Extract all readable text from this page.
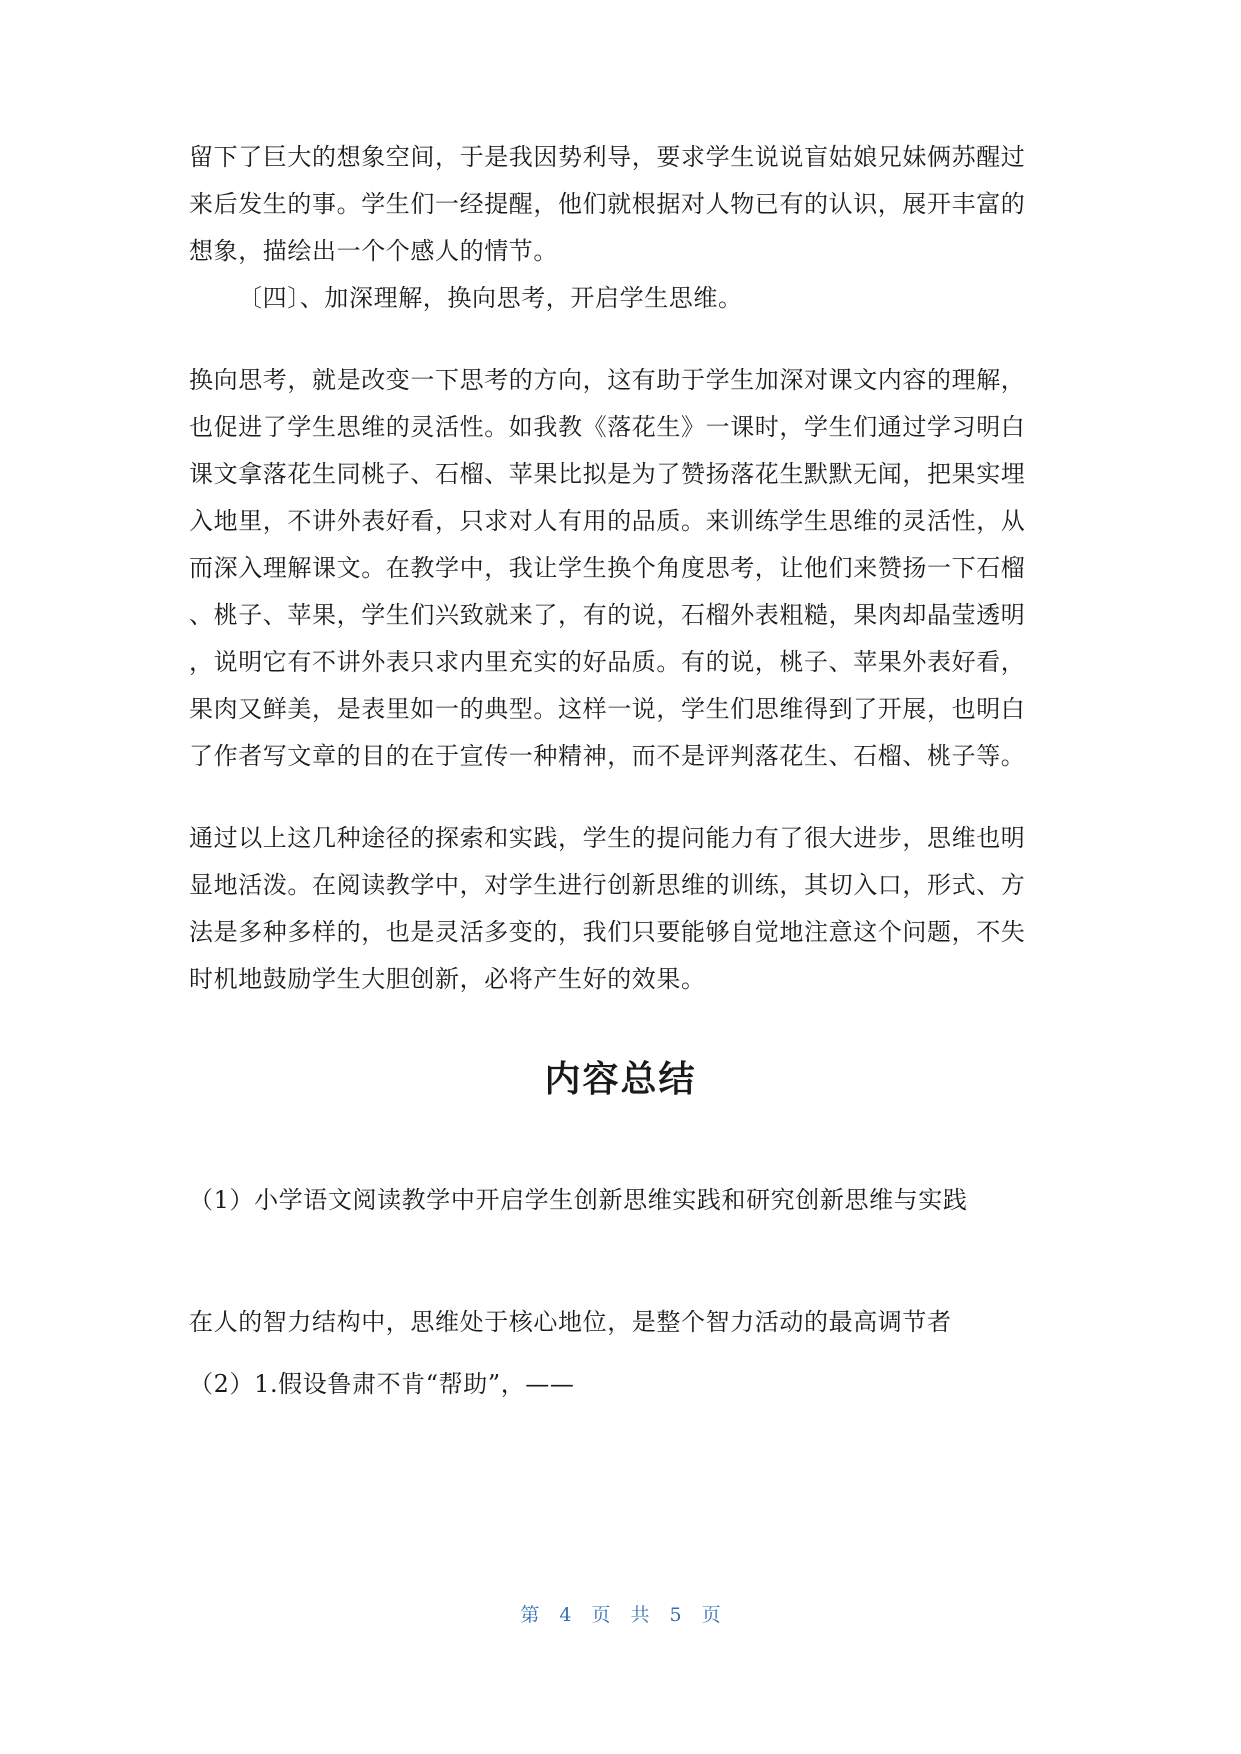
留下了巨大的想象空间，于是我因势利导，要求学生说说盲姑娘兄妹俩苏醒过
来后发生的事。学生们一经提醒，他们就根据对人物已有的认识，展开丰富的
想象，描绘出一个个感人的情节。
〔四〕、加深理解，换向思考，开启学生思维。
换向思考，就是改变一下思考的方向，这有助于学生加深对课文内容的理解，
也促进了学生思维的灵活性。如我教《落花生》一课时，学生们通过学习明白
课文拿落花生同桃子、石榴、苹果比拟是为了赞扬落花生默默无闻，把果实埋
入地里，不讲外表好看，只求对人有用的品质。来训练学生思维的灵活性，从
而深入理解课文。在教学中，我让学生换个角度思考，让他们来赞扬一下石榴
、桃子、苹果，学生们兴致就来了，有的说，石榴外表粗糙，果肉却晶莹透明
，说明它有不讲外表只求内里充实的好品质。有的说，桃子、苹果外表好看，
果肉又鲜美，是表里如一的典型。这样一说，学生们思维得到了开展，也明白
了作者写文章的目的在于宣传一种精神，而不是评判落花生、石榴、桃子等。
通过以上这几种途径的探索和实践，学生的提问能力有了很大进步，思维也明
显地活泼。在阅读教学中，对学生进行创新思维的训练，其切入口，形式、方
法是多种多样的，也是灵活多变的，我们只要能够自觉地注意这个问题，不失
时机地鼓励学生大胆创新，必将产生好的效果。
内容总结
（1）小学语文阅读教学中开启学生创新思维实践和研究创新思维与实践
在人的智力结构中，思维处于核心地位，是整个智力活动的最高调节者
（2）1.假设鲁肃不肯“帮助”，——
第 4 页 共 5 页
